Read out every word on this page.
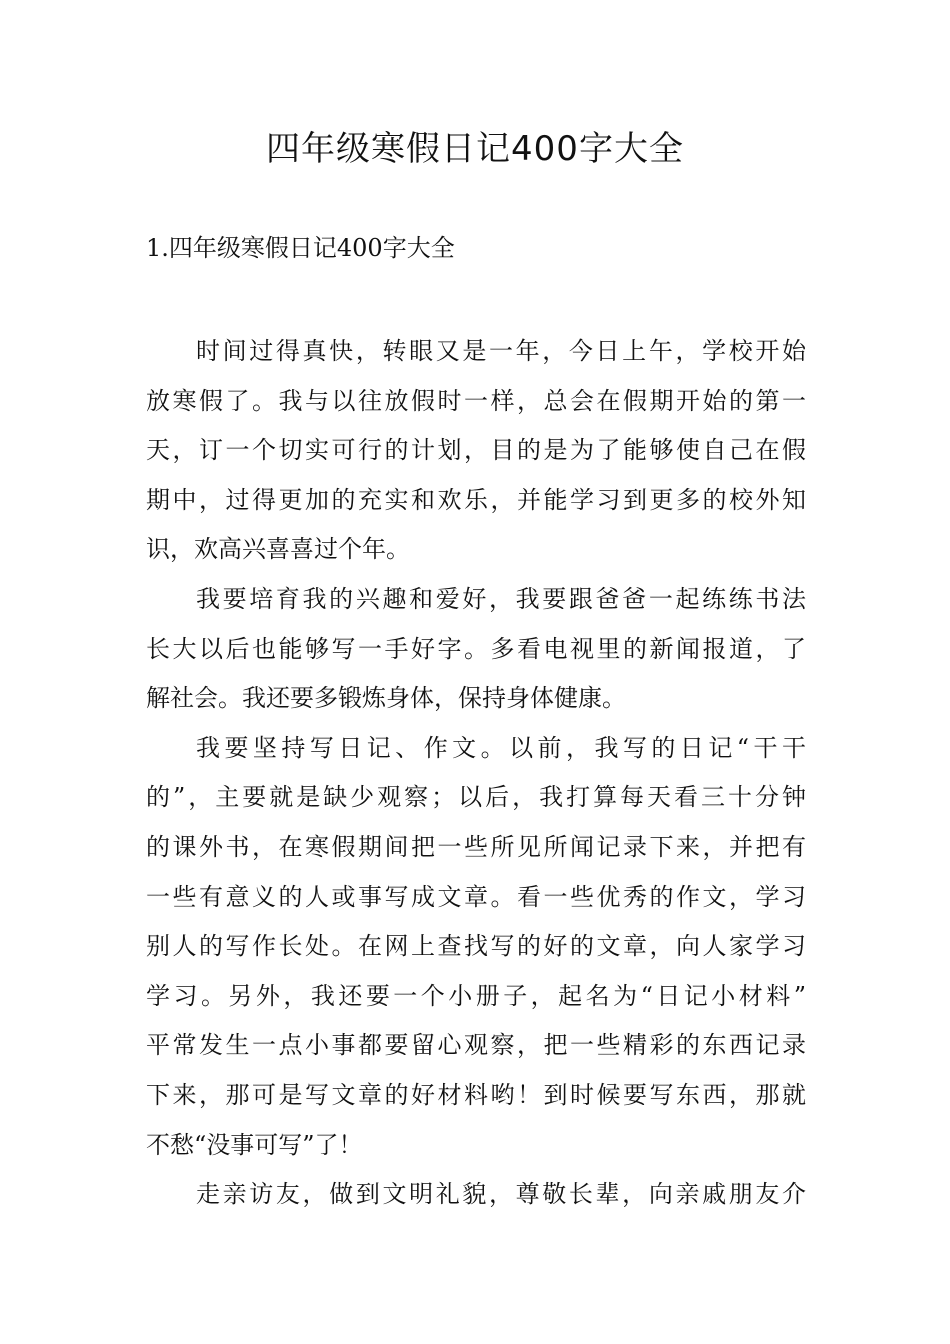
四年级寒假日记400字大全
1.四年级寒假日记400字大全
时间过得真快，转眼又是一年，今日上午，学校开始
放寒假了。我与以往放假时一样，总会在假期开始的第一
天，订一个切实可行的计划，目的是为了能够使自己在假
期中，过得更加的充实和欢乐，并能学习到更多的校外知
识，欢高兴喜喜过个年。
我要培育我的兴趣和爱好，我要跟爸爸一起练练书法
长大以后也能够写一手好字。多看电视里的新闻报道，了
解社会。我还要多锻炼身体，保持身体健康。
我要坚持写日记、作文。以前，我写的日记“干干
的”，主要就是缺少观察；以后，我打算每天看三十分钟
的课外书，在寒假期间把一些所见所闻记录下来，并把有
一些有意义的人或事写成文章。看一些优秀的作文，学习
别人的写作长处。在网上查找写的好的文章，向人家学习
学习。另外，我还要一个小册子，起名为“日记小材料”
平常发生一点小事都要留心观察，把一些精彩的东西记录
下来，那可是写文章的好材料哟！到时候要写东西，那就
不愁“没事可写”了！
走亲访友，做到文明礼貌，尊敬长辈，向亲戚朋友介
